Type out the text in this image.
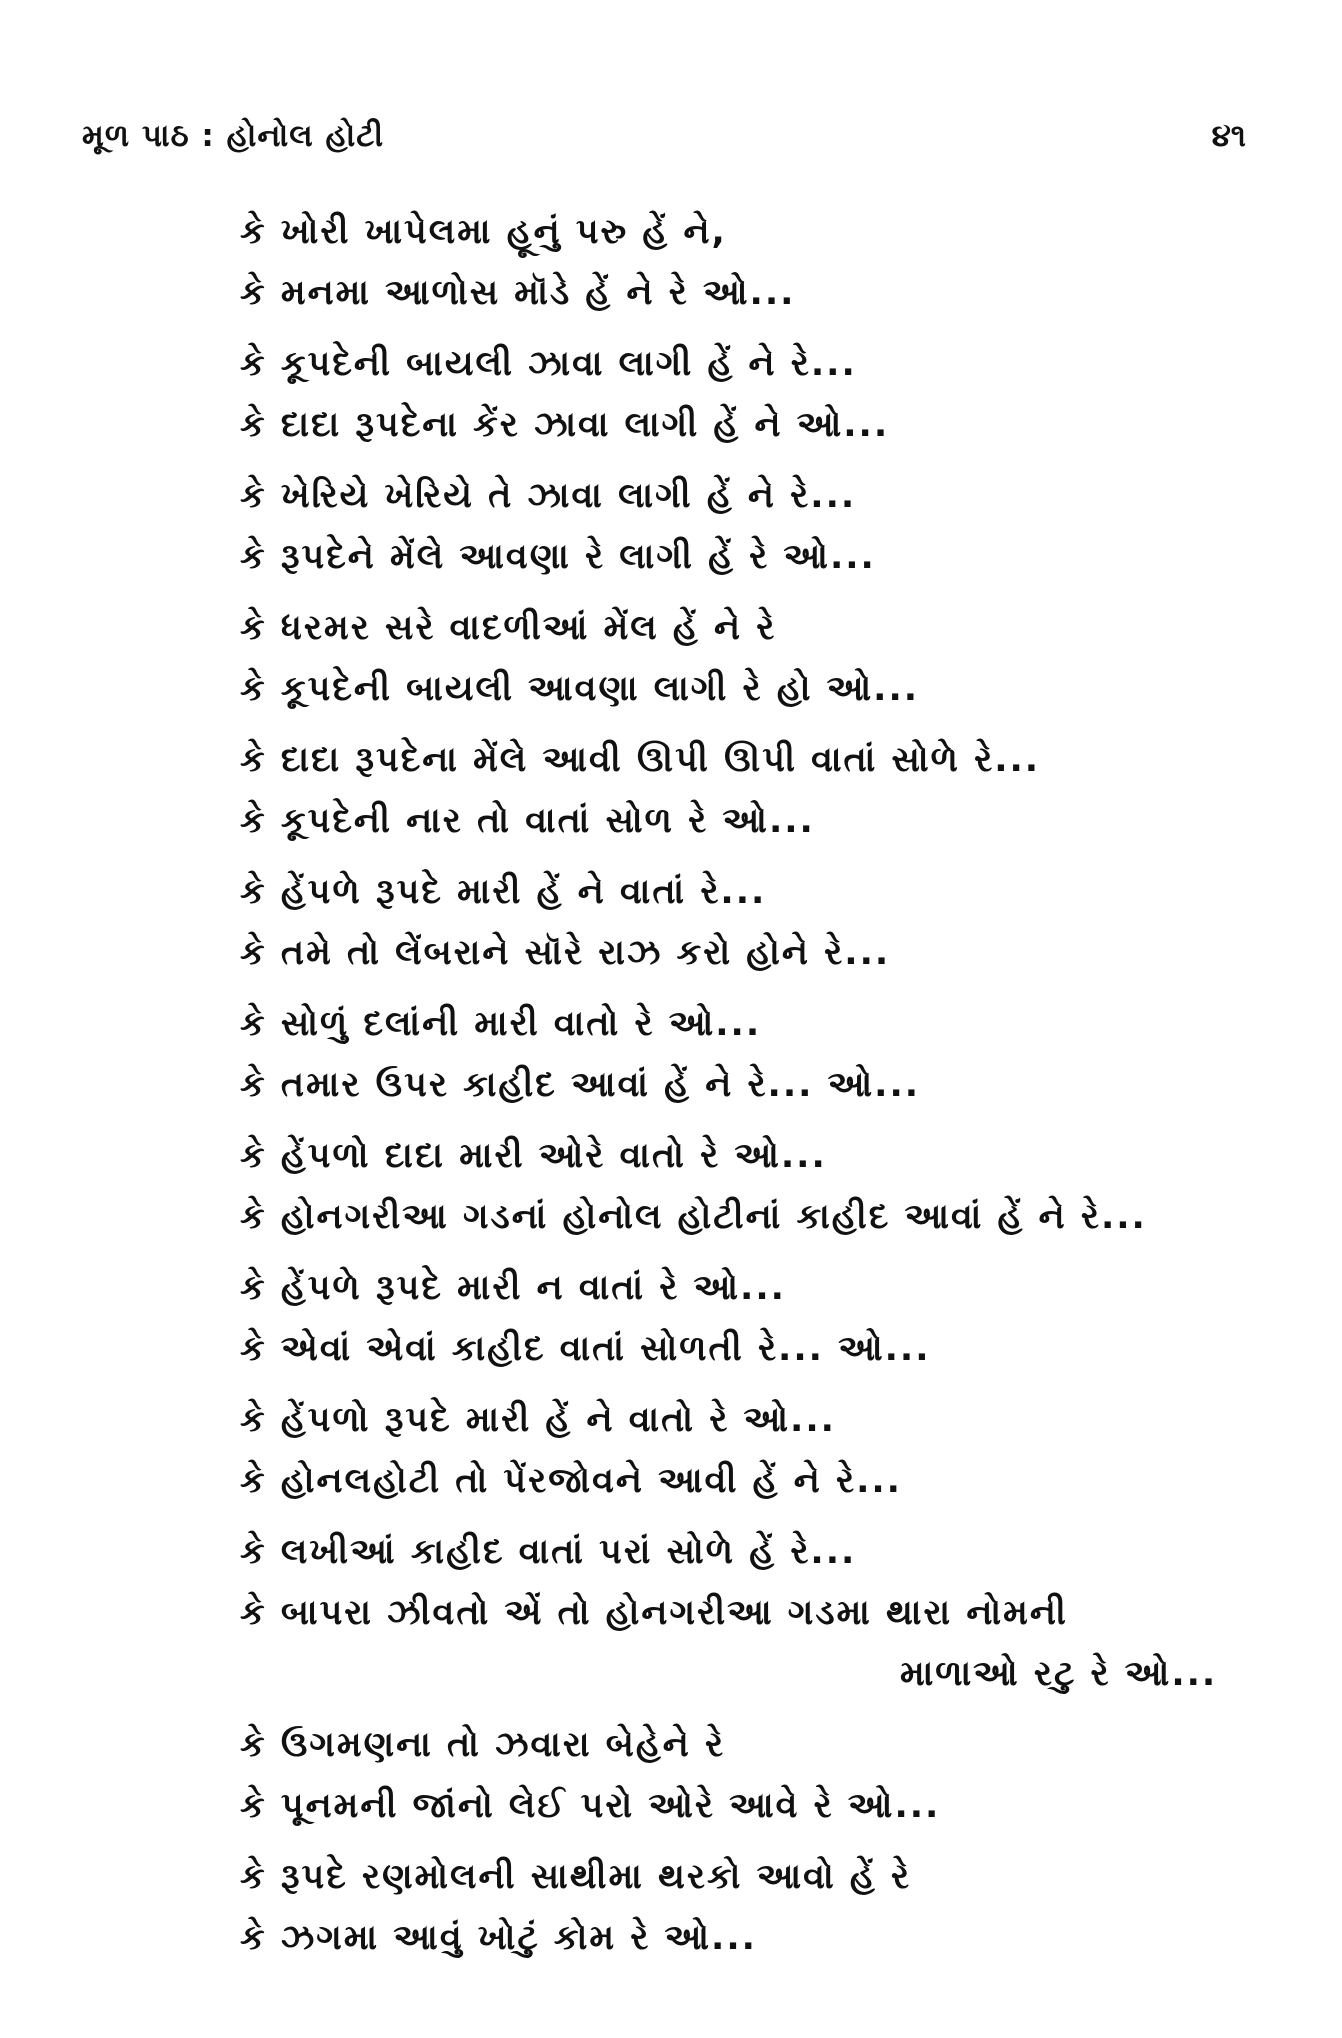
મૂળ પાઠ : હોનોલ હોટી	૪૧
કે ખોરી ખાપેલમા હૂનું પરુ હેં ને,
કે મનમા આળોસ મૉડે હેં ને રે ઓ...
કે કૂપદેની બાયલી ઝાવા લાગી હેં ને રે...
કે દાદા રૂપદેના કેંર ઝાવા લાગી હેં ને ઓ...
કે ખેરિયે ખેરિયે તે ઝાવા લાગી હેં ને રે...
કે રૂપદેને મેંલે આવણા રે લાગી હેં રે ઓ...
કે ધરમર સરે વાદળીઆં મેંલ હેં ને રે
કે કૂપદેની બાયલી આવણા લાગી રે હો ઓ...
કે દાદા રૂપદેના મેંલે આવી ઊપી ઊપી વાતાં સોળે રે...
કે કૂપદેની નાર તો વાતાં સોળ રે ઓ...
કે હેંપળે રૂપદે મારી હેં ને વાતાં રે...
કે તમે તો લેંબરાને સૉરે રાઝ કરો હોને રે...
કે સોળું દલાંની મારી વાતો રે ઓ...
કે તમાર ઉપર કાહીદ આવાં હેં ને રે... ઓ...
કે હેંપળો દાદા મારી ઓરે વાતો રે ઓ...
કે હોનગરીઆ ગડનાં હોનોલ હોટીનાં કાહીદ આવાં હેં ને રે...
કે હેંપળે રૂપદે મારી ન વાતાં રે ઓ...
કે એવાં એવાં કાહીદ વાતાં સોળતી રે... ઓ...
કે હેંપળો રૂપદે મારી હેં ને વાતો રે ઓ...
કે હોનલહોટી તો પેંરજોવને આવી હેં ને રે...
કે લખીઆં કાહીદ વાતાં પરાં સોળે હેં રે...
કે બાપરા ઝીવતો એં તો હોનગરીઆ ગડમા થારા નોમની
માળાઓ રટુ રે ઓ...
કે ઉગમણના તો ઝવારા બેહેને રે
કે પૂનમની જાંનો લેઈ પરો ઓરે આવે રે ઓ...
કે રૂપદે રણમોલની સાથીમા થરકો આવો હેં રે
કે ઝગમા આવું ખોટું કોમ રે ઓ...
